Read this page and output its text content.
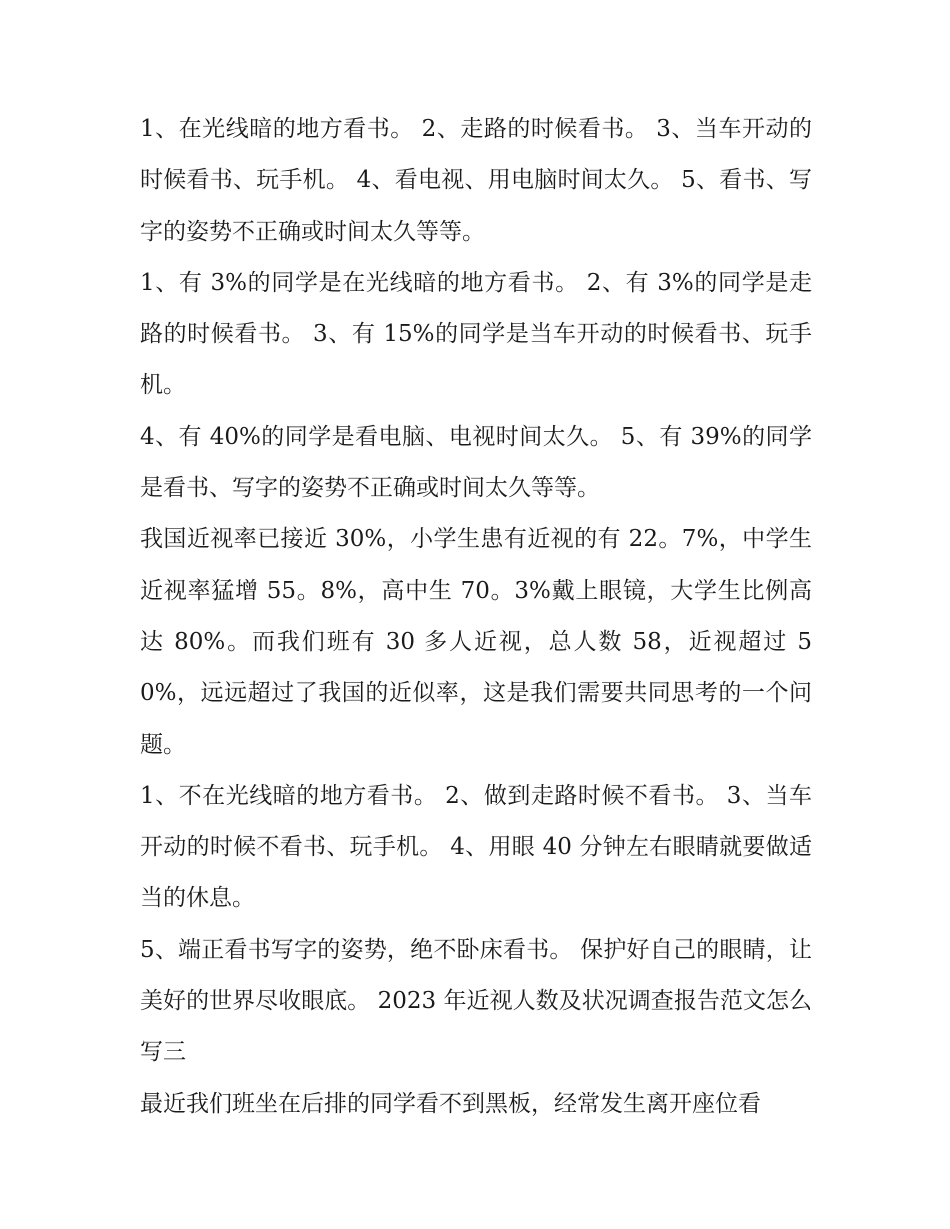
1、在光线暗的地方看书。 2、走路的时候看书。 3、当车开动的时候看书、玩手机。 4、看电视、用电脑时间太久。 5、看书、写字的姿势不正确或时间太久等等。

1、有 3%的同学是在光线暗的地方看书。 2、有 3%的同学是走路的时候看书。 3、有 15%的同学是当车开动的时候看书、玩手机。

4、有 40%的同学是看电脑、电视时间太久。 5、有 39%的同学是看书、写字的姿势不正确或时间太久等等。

我国近视率已接近 30%，小学生患有近视的有 22。7%，中学生近视率猛增 55。8%，高中生 70。3%戴上眼镜，大学生比例高达 80%。而我们班有 30 多人近视，总人数 58，近视超过 50%，远远超过了我国的近似率，这是我们需要共同思考的一个问题。

1、不在光线暗的地方看书。 2、做到走路时候不看书。 3、当车开动的时候不看书、玩手机。 4、用眼 40 分钟左右眼睛就要做适当的休息。

5、端正看书写字的姿势，绝不卧床看书。 保护好自己的眼睛，让美好的世界尽收眼底。 2023 年近视人数及状况调查报告范文怎么写三

最近我们班坐在后排的同学看不到黑板，经常发生离开座位看
